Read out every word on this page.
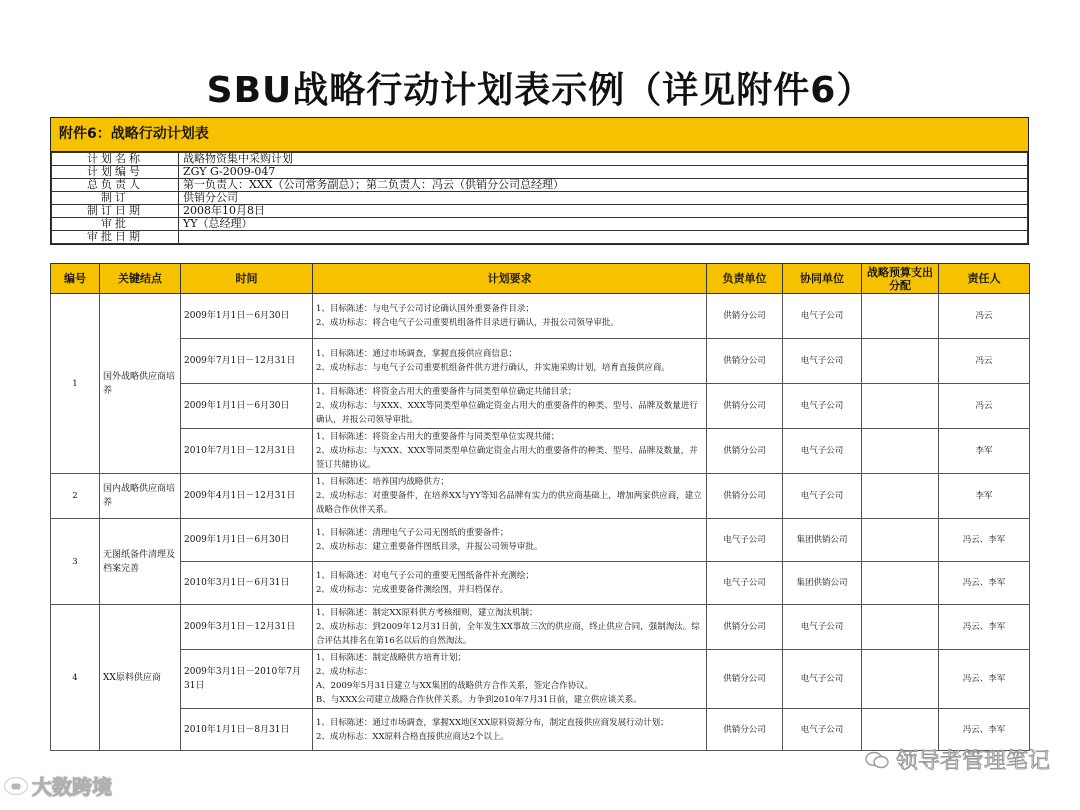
SBU战略行动计划表示例（详见附件6）
附件6：战略行动计划表
计划名称	战略物资集中采购计划
计划编号	ZGY G-2009-047
总负责人	第一负责人：XXX（公司常务副总）；第二负责人：冯云（供销分公司总经理）
制订	供销分公司
制订日期	2008年10月8日
审批	YY（总经理）
审批日期	
编号	关键结点	时间	计划要求	负责单位	协同单位	战略预算支出分配	责任人
1	国外战略供应商培养	2009年1月1日－6月30日	1、目标陈述：与电气子公司讨论确认国外重要备件目录；
2、成功标志：将合电气子公司重要机组备件目录进行确认，并报公司领导审批。	供销分公司	电气子公司		冯云
		2009年7月1日－12月31日	1、目标陈述：通过市场调查，掌握直接供应商信息；
2、成功标志：与电气子公司重要机组备件供方进行确认，并实施采购计划，培育直接供应商。	供销分公司	电气子公司		冯云
		2009年1月1日－6月30日	1、目标陈述：将资金占用大的重要备件与同类型单位确定共储目录；
2、成功标志：与XXX、XXX等同类型单位确定资金占用大的重要备件的种类、型号、品牌及数量进行确认，并报公司领导审批。	供销分公司	电气子公司		冯云
		2010年7月1日－12月31日	1、目标陈述：将资金占用大的重要备件与同类型单位实现共储；
2、成功标志：与XXX、XXX等同类型单位确定资金占用大的重要备件的种类、型号、品牌及数量，并签订共储协议。	供销分公司	电气子公司		李军
2	国内战略供应商培养	2009年4月1日－12月31日	1、目标陈述：培养国内战略供方；
2、成功标志：对重要备件，在培养XX与YY等知名品牌有实力的供应商基础上，增加两家供应商，建立战略合作伙伴关系。	供销分公司	电气子公司		李军
3	无图纸备件清理及档案完善	2009年1月1日－6月30日	1、目标陈述：清理电气子公司无图纸的重要备件；
2、成功标志：建立重要备件图纸目录，并报公司领导审批。	电气子公司	集团供销公司		冯云、李军
		2010年3月1日－6月31日	1、目标陈述：对电气子公司的重要无图纸备件补充测绘；
2、成功标志：完成重要备件测绘图，并归档保存。	电气子公司	集团供销公司		冯云、李军
4	XX原料供应商	2009年3月1日－12月31日	1、目标陈述：制定XX原料供方考核细则，建立淘汰机制；
2、成功标志：到2009年12月31日前，全年发生XX事故三次的供应商，终止供应合同，强制淘汰。综合评估其排名在第16名以后的自然淘汰。	供销分公司	电气子公司		冯云、李军
		2009年3月1日－2010年7月31日	1、目标陈述：制定战略供方培育计划；
2、成功标志：
A、2009年5月31日建立与XX集团的战略供方合作关系，签定合作协议。
B、与XXX公司建立战略合作伙伴关系。力争到2010年7月31日前，建立供应谈关系。	供销分公司	电气子公司		冯云、李军
		2010年1月1日－8月31日	1、目标陈述：通过市场调查，掌握XX地区XX原料资源分布，制定直接供应商发展行动计划；
2、成功标志：XX原料合格直接供应商达2个以上。	供销分公司	电气子公司		冯云、李军
∞ 大数跨境
领导者管理笔记
